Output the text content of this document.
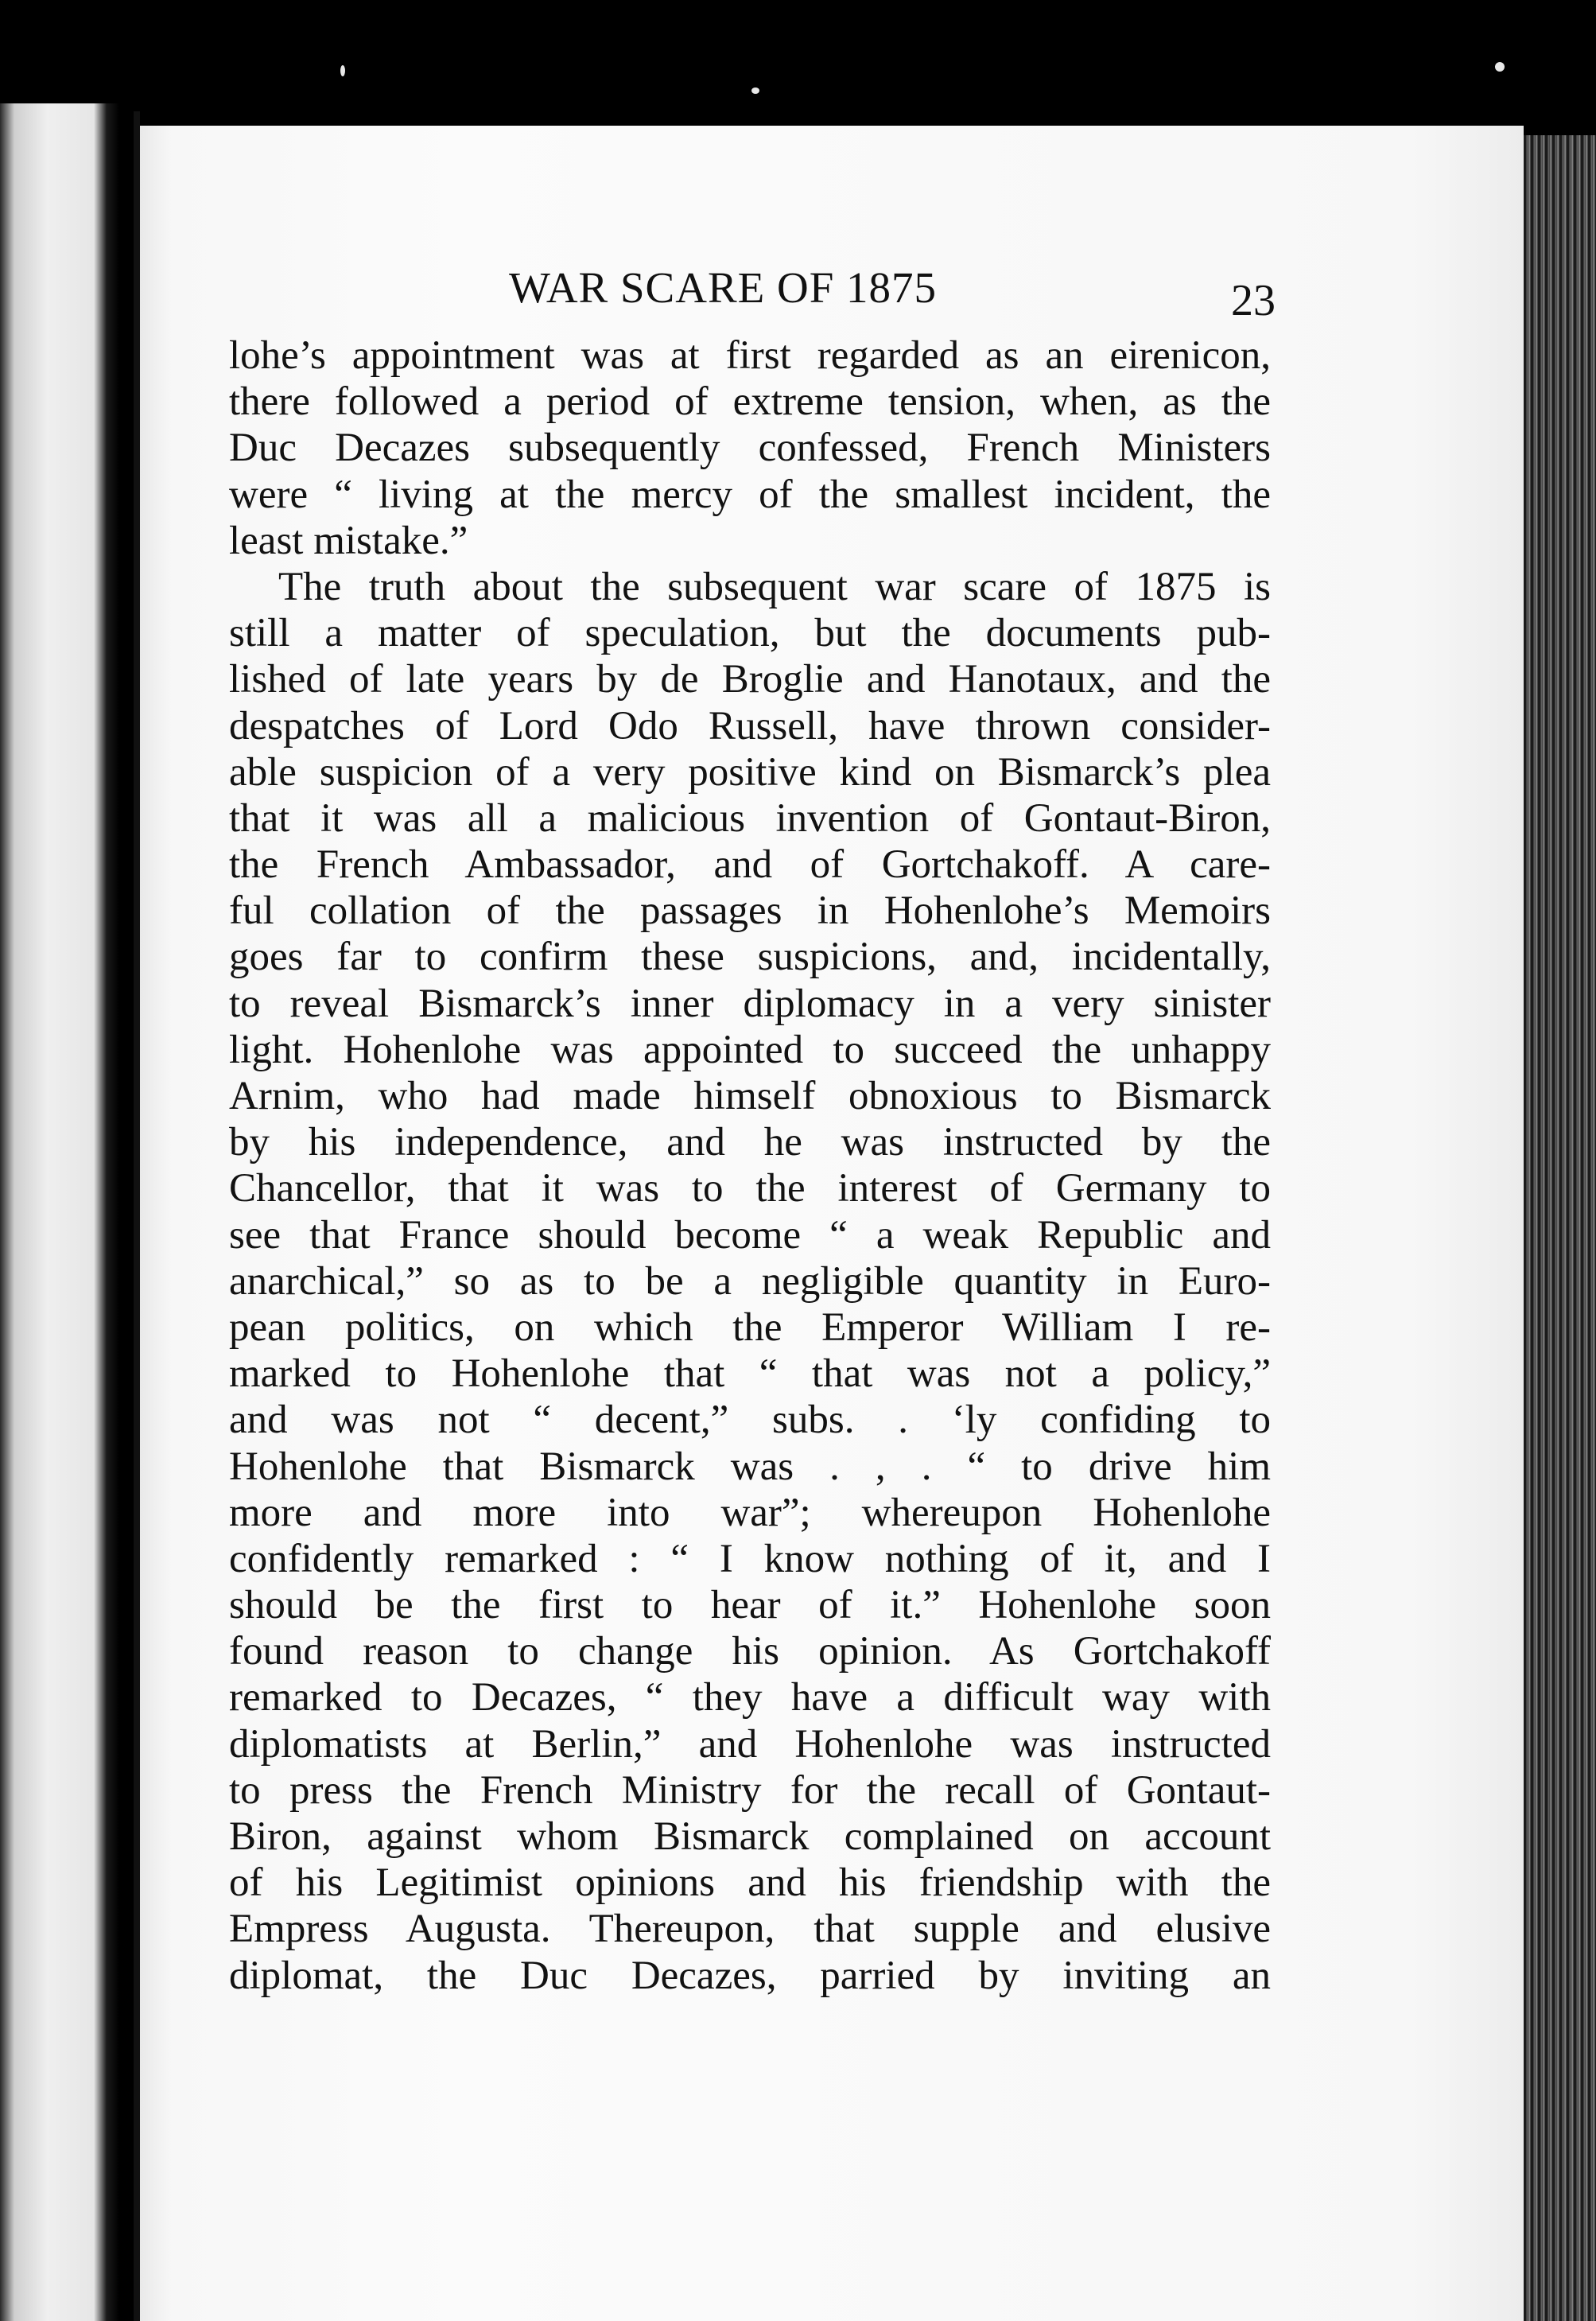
WAR SCARE OF 1875	23
lohe’s appointment was at first regarded as an eirenicon,
there followed a period of extreme tension, when, as the
Duc Decazes subsequently confessed, French Ministers
were “ living at the mercy of the smallest incident, the
least mistake.”
The truth about the subsequent war scare of 1875 is
still a matter of speculation, but the documents pub-
lished of late years by de Broglie and Hanotaux, and the
despatches of Lord Odo Russell, have thrown consider-
able suspicion of a very positive kind on Bismarck’s plea
that it was all a malicious invention of Gontaut-Biron,
the French Ambassador, and of Gortchakoff. A care-
ful collation of the passages in Hohenlohe’s Memoirs
goes far to confirm these suspicions, and, incidentally,
to reveal Bismarck’s inner diplomacy in a very sinister
light. Hohenlohe was appointed to succeed the unhappy
Arnim, who had made himself obnoxious to Bismarck
by his independence, and he was instructed by the
Chancellor, that it was to the interest of Germany to
see that France should become “ a weak Republic and
anarchical,” so as to be a negligible quantity in Euro-
pean politics, on which the Emperor William I re-
marked to Hohenlohe that “ that was not a policy,”
and was not “ decent,” subs. . ‘ly confiding to
Hohenlohe that Bismarck was . , . “ to drive him
more and more into war”; whereupon Hohenlohe
confidently remarked : “ I know nothing of it, and I
should be the first to hear of it.” Hohenlohe soon
found reason to change his opinion. As Gortchakoff
remarked to Decazes, “ they have a difficult way with
diplomatists at Berlin,” and Hohenlohe was instructed
to press the French Ministry for the recall of Gontaut-
Biron, against whom Bismarck complained on account
of his Legitimist opinions and his friendship with the
Empress Augusta. Thereupon, that supple and elusive
diplomat, the Duc Decazes, parried by inviting an
